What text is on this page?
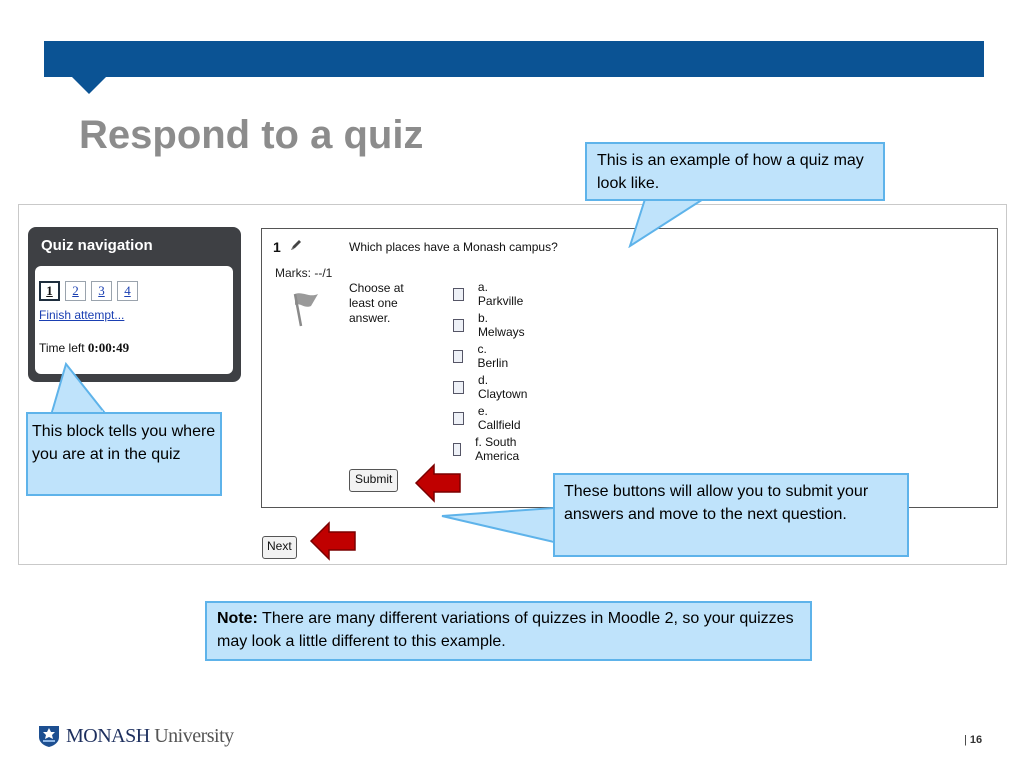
Respond to a quiz
Quiz navigation
1	2	3	4
Finish attempt...
Time left 0:00:49
1
Marks: --/1
Which places have a Monash campus?
Choose at least one answer.
a. Parkville
b. Melways
c. Berlin
d. Claytown
e. Callfield
f. South America
Submit
Next
This is an example of how a quiz may look like.
This block tells you where you are at in the quiz
These buttons will allow you to submit your answers and move to the next question.
Note: There are many different variations of quizzes in Moodle 2, so your quizzes may look a little different to this example.
MONASH University	| 16
